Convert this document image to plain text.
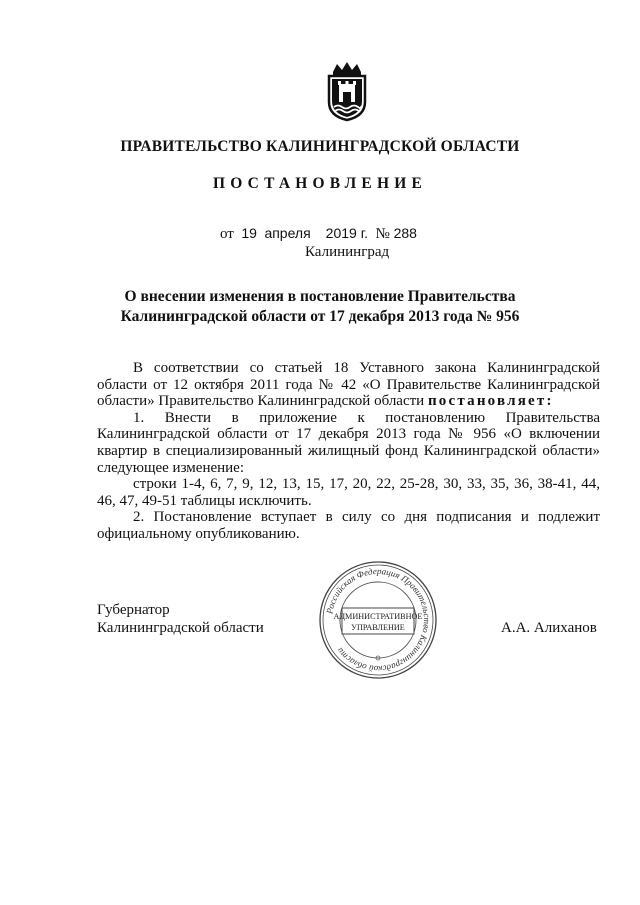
ПРАВИТЕЛЬСТВО КАЛИНИНГРАДСКОЙ ОБЛАСТИ
ПОСТАНОВЛЕНИЕ
от 19 апреля 2019 г. № 288
Калининград
О внесении изменения в постановление Правительства
Калининградской области от 17 декабря 2013 года № 956

В соответствии со статьей 18 Уставного закона Калининградской области от 12 октября 2011 года № 42 «О Правительстве Калининградской области» Правительство Калининградской области постановляет:

1. Внести в приложение к постановлению Правительства Калининградской области от 17 декабря 2013 года № 956 «О включении квартир в специализированный жилищный фонд Калининградской области» следующее изменение:

строки 1-4, 6, 7, 9, 12, 13, 15, 17, 20, 22, 25-28, 30, 33, 35, 36, 38-41, 44, 46, 47, 49-51 таблицы исключить.

2. Постановление вступает в силу со дня подписания и подлежит официальному опубликованию.

Губернатор
Калининградской области
Российская Федерация Правительство Калининградской области
АДМИНИСТРАТИВНОЕ
УПРАВЛЕНИЕ	А.А. Алиханов
